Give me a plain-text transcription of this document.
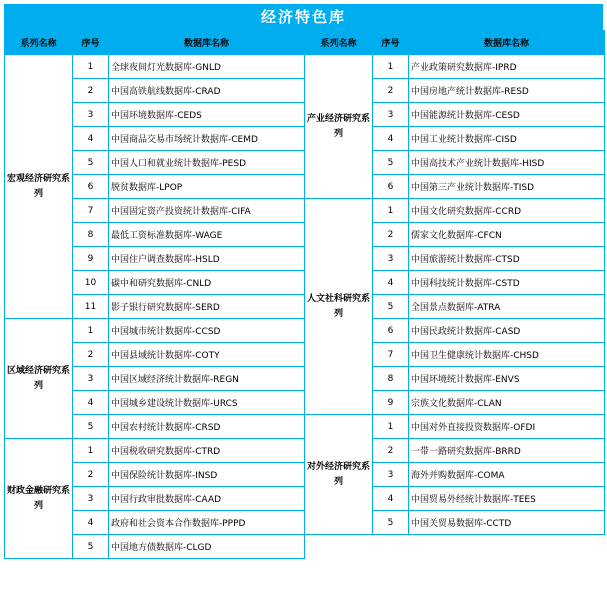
经济特色库
系列名称	序号	数据库名称	系列名称	序号	数据库名称
宏观经济研究系列	1	全球夜间灯光数据库-GNLD	产业经济研究系列	1	产业政策研究数据库-IPRD
	2	中国高铁航线数据库-CRAD		2	中国房地产统计数据库-RESD
	3	中国环境数据库-CEDS		3	中国能源统计数据库-CESD
	4	中国商品交易市场统计数据库-CEMD		4	中国工业统计数据库-CISD
	5	中国人口和就业统计数据库-PESD		5	中国高技术产业统计数据库-HISD
	6	脱贫数据库-LPOP		6	中国第三产业统计数据库-TISD
	7	中国固定资产投资统计数据库-CIFA	人文社科研究系列	1	中国文化研究数据库-CCRD
	8	最低工资标准数据库-WAGE		2	儒家文化数据库-CFCN
	9	中国住户调查数据库-HSLD		3	中国旅游统计数据库-CTSD
	10	碳中和研究数据库-CNLD		4	中国科技统计数据库-CSTD
	11	影子银行研究数据库-SERD		5	全国景点数据库-ATRA
区域经济研究系列	1	中国城市统计数据库-CCSD		6	中国民政统计数据库-CASD
	2	中国县域统计数据库-COTY		7	中国卫生健康统计数据库-CHSD
	3	中国区域经济统计数据库-REGN		8	中国环境统计数据库-ENVS
	4	中国城乡建设统计数据库-URCS		9	宗族文化数据库-CLAN
	5	中国农村统计数据库-CRSD	对外经济研究系列	1	中国对外直接投资数据库-OFDI
财政金融研究系列	1	中国税收研究数据库-CTRD		2	一带一路研究数据库-BRRD
	2	中国保险统计数据库-INSD		3	海外并购数据库-COMA
	3	中国行政审批数据库-CAAD		4	中国贸易外经统计数据库-TEES
	4	政府和社会资本合作数据库-PPPD		5	中国关贸易数据库-CCTD
	5	中国地方债数据库-CLGD			
